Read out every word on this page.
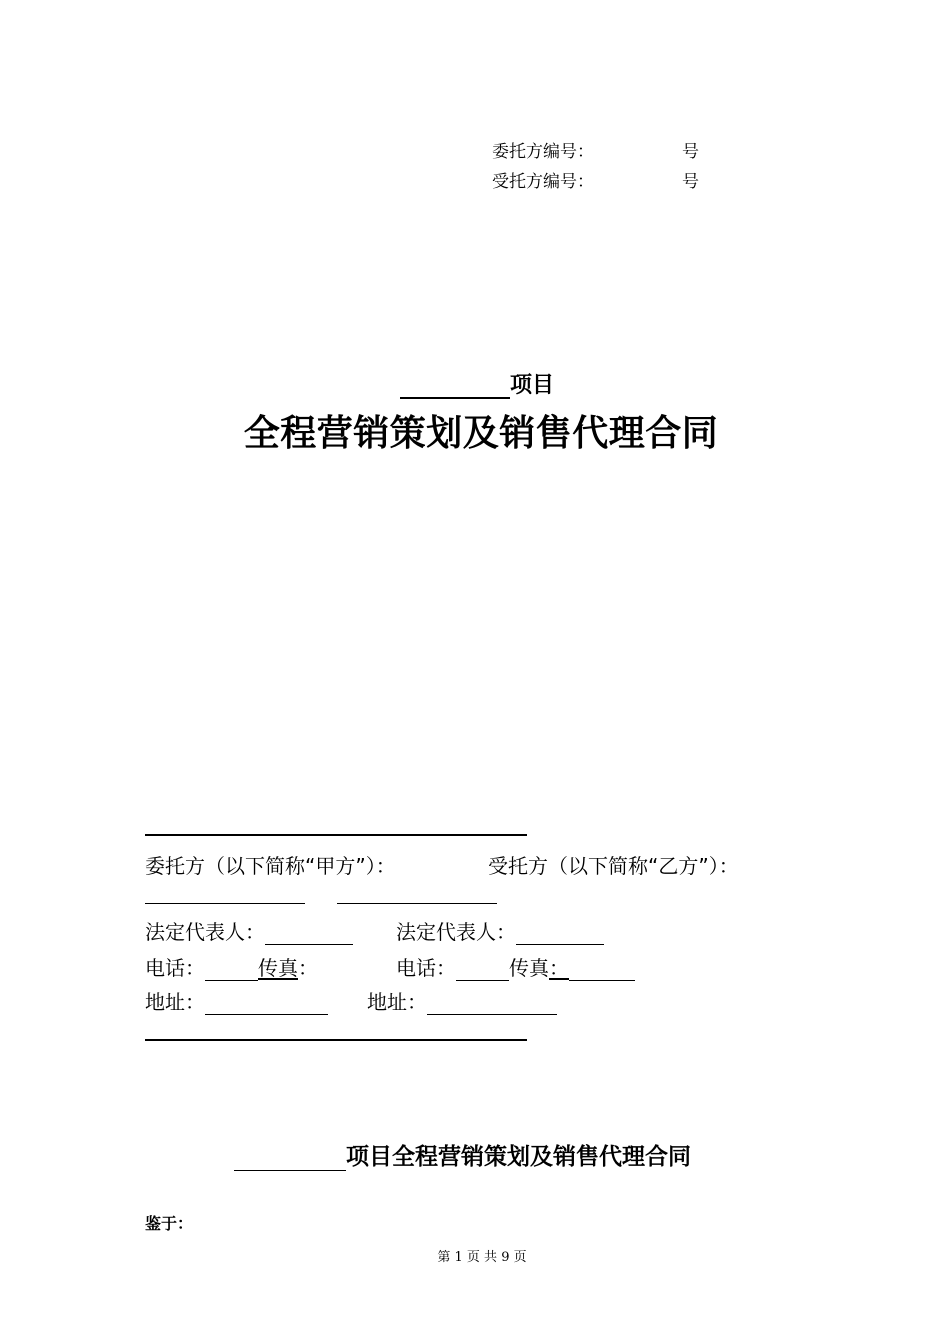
委托方编号：	号
受托方编号：	号
项目
全程营销策划及销售代理合同
委托方（以下简称“甲方”）：	受托方（以下简称“乙方”）：
法定代表人：	法定代表人：
电话：	传真：	电话：	传真：
地址：	地址：
项目全程营销策划及销售代理合同
鉴于：
第 1 页 共 9 页
